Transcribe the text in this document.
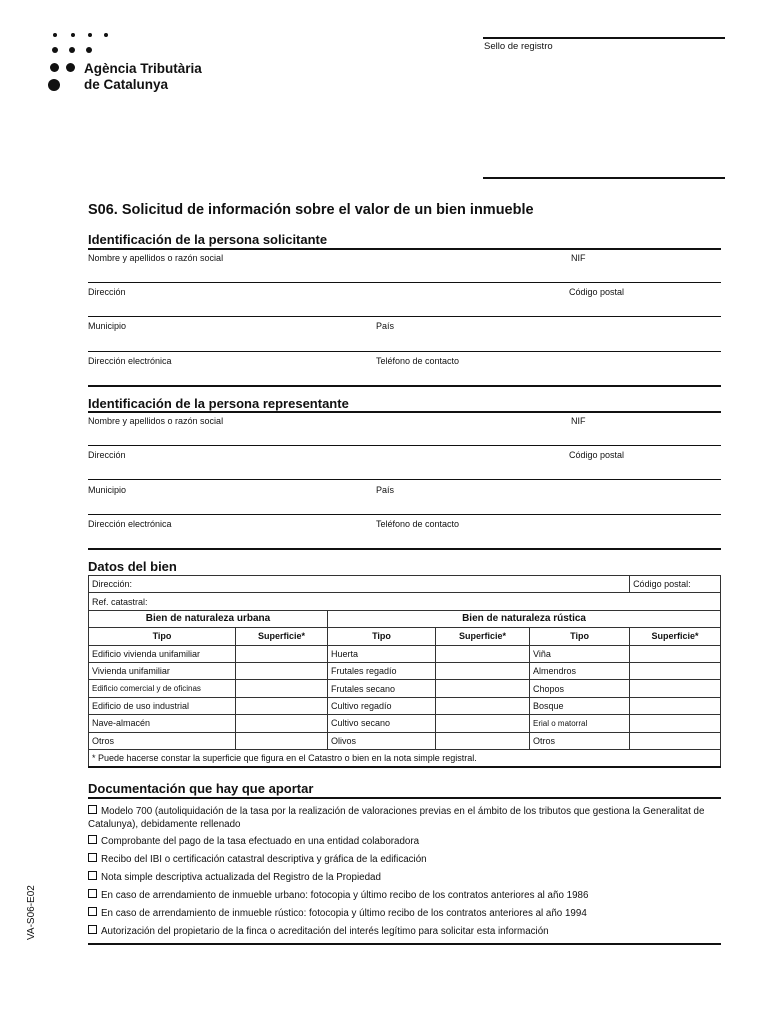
Agència Tributària
de Catalunya
Sello de registro
S06. Solicitud de información sobre el valor de un bien inmueble
Identificación de la persona solicitante
Nombre y apellidos o razón social	NIF
Dirección	Código postal
Municipio	País
Dirección electrónica	Teléfono de contacto
Identificación de la persona representante
Nombre y apellidos o razón social	NIF
Dirección	Código postal
Municipio	País
Dirección electrónica	Teléfono de contacto
Datos del bien
Dirección:					Código postal:
Ref. catastral:					
Bien de naturaleza urbana		Bien de naturaleza rústica			
Tipo	Superficie*	Tipo	Superficie*	Tipo	Superficie*
Edificio vivienda unifamiliar		Huerta		Viña	
Vivienda unifamiliar		Frutales regadío		Almendros	
Edificio comercial y de oficinas		Frutales secano		Chopos	
Edificio de uso industrial		Cultivo regadío		Bosque	
Nave-almacén		Cultivo secano		Erial o matorral	
Otros		Olivos		Otros	
* Puede hacerse constar la superficie que figura en el Catastro o bien en la nota simple registral.					
Documentación que hay que aportar
Modelo 700 (autoliquidación de la tasa por la realización de valoraciones previas en el ámbito de los tributos que gestiona la Generalitat de Catalunya), debidamente rellenado
Comprobante del pago de la tasa efectuado en una entidad colaboradora
Recibo del IBI o certificación catastral descriptiva y gráfica de la edificación
Nota simple descriptiva actualizada del Registro de la Propiedad
En caso de arrendamiento de inmueble urbano: fotocopia y último recibo de los contratos anteriores al año 1986
En caso de arrendamiento de inmueble rústico: fotocopia y último recibo de los contratos anteriores al año 1994
Autorización del propietario de la finca o acreditación del interés legítimo para solicitar esta información
VA-S06-E02
